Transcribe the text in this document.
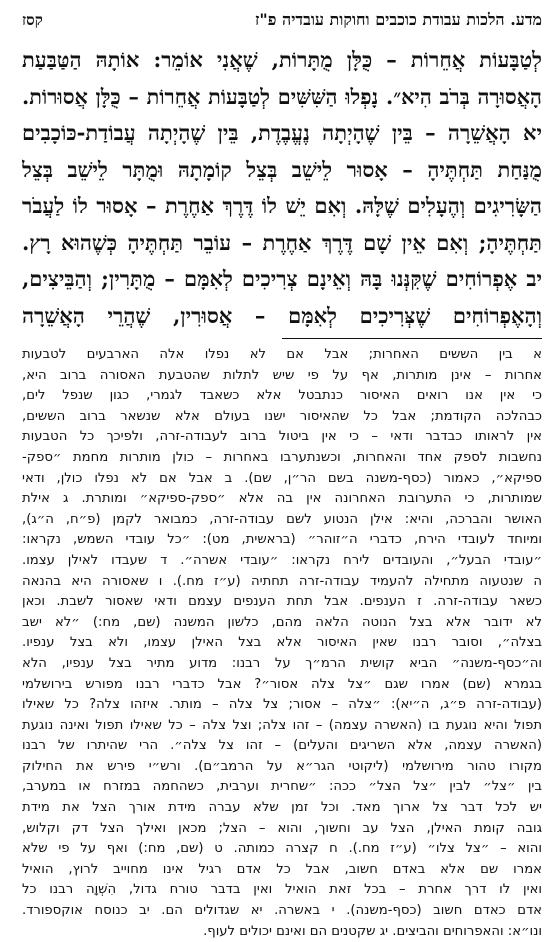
מדע. הלכות עבודת כוכבים וחוקות עובדיה פ"ז
קסז
לְטַבָּעוֹת אֲחֵרוֹת – כֻּלָּן מֻתָּרוֹת, שֶׁאֲנִי אוֹמֵר: אוֹתָהּ הַטַּבַּעַת
הָאֲסוּרָה בְּרֹב הִיא״. נָפְלוּ הַשִּׁשִּׁים לְטַבָּעוֹת אֲחֵרוֹת – כֻּלָּן אֲסוּרוֹת.
יא הָאֲשֵׁרָה – בֵּין שֶׁהָיְתָה נֶעֱבֶדֶת, בֵּין שֶׁהָיְתָה עֲבוֹדַת-כּוֹכָבִים
מֻנַּחַת תַּחְתֶּיהָ – אָסוּר לֵישֵׁב בְּצֵל קוֹמָתָהּ וּמֻתָּר לֵישֵׁב בְּצֵל
הַשָּׂרִיגִים וְהֶעָלִים שֶׁלָּהּ. וְאִם יֵשׁ לוֹ דֶּרֶךְ אַחֶרֶת – אָסוּר לוֹ לַעֲבֹר
תַּחְתֶּיהָ; וְאִם אֵין שָׁם דֶּרֶךְ אַחֶרֶת – עוֹבֵר תַּחְתֶּיהָ כְּשֶׁהוּא רָץ.
יב אֶפְרוֹחִים שֶׁקִּנְּנוּ בָּהּ וְאֵינָם צְרִיכִים לְאִמָּם – מֻתָּרִין; וְהַבֵּיצִים,
וְהָאֶפְרוֹחִים שֶׁצְּרִיכִים לְאִמָּם – אֲסוּרִין, שֶׁהֲרֵי הָאֲשֵׁרָה
א בין הששים האחרות; אבל אם לא נפלו אלה הארבעים לטבעות
אחרות – אינן מותרות, אף על פי שיש לתלות שהטבעת האסורה ברוב היא,
כי אין אנו רואים האיסור כנתבטל אלא כשאבד לגמרי, כגון שנפל לים,
כבהלכה הקודמת; אבל כל שהאיסור ישנו בעולם אלא שנשאר ברוב הששים,
אין לראותו כבדבר ודאי – כי אין ביטול ברוב לעבודה-זרה, ולפיכך כל הטבעות
נחשבות לספק אחד והאחרות, וכשנתערבו באחרות – כולן מותרות מחמת ״ספק-
ספיקא״, כאמור (כסף-משנה בשם הר״ן, שם). ב אבל אם לא נפלו כולן, ודאי
שמותרות, כי התערובת האחרונה אין בה אלא ״ספק-ספיקא״ ומותרת. ג אילת
האושר והברכה, והיא: אילן הנטוע לשם עבודה-זרה, כמבואר לקמן (פ״ח, ה״ג),
ומיוחד לעובדי הירח, כדברי ה״זוהר״ (בראשית, מט): ״כל עובדי השמש, נקראו:
״עובדי הבעל״, והעובדים לירח נקראו: ״עובדי אשרה״. ד שעבדו לאילן עצמו.
ה שנטעוה מתחילה להעמיד עבודה-זרה תחתיה (ע״ז מח.). ו שאסורה היא בהנאה
כשאר עבודה-זרה. ז הענפים. אבל תחת הענפים עצמם ודאי שאסור לשבת. וכאן
לא ידובר אלא בצל הנוטה הלאה מהם, כלשון המשנה (שם, מח:) ״לא ישב
בצלה״, וסובר רבנו שאין האיסור אלא בצל האילן עצמו, ולא בצל ענפיו.
וה״כסף-משנה״ הביא קושית הרמ״ך על רבנו: מדוע מתיר בצל ענפיו, הלא
בגמרא (שם) אמרו שגם ״צל צלה אסור״? אבל כדברי רבנו מפורש בירושלמי
(עבודה-זרה פ״ג, ה״יא): ״צלה – אסור; צל צלה – מותר. איזהו צלה? כל שאילו
תפול והיא נוגעת בו (האשרה עצמה) – זהו צלה; וצל צלה – כל שאילו תפול ואינה נוגעת
(האשרה עצמה, אלא השריגים והעלים) – זהו צל צלה״. הרי שהיתרו של רבנו
מקורו טהור מירושלמי (ליקוטי הגר״א על הרמב״ם). ורש״י פירש את החילוק
בין ״צל״ לבין ״צל הצל״ ככה: ״שחרית וערבית, כשהחמה במזרח או במערב,
יש לכל דבר צל ארוך מאד. וכל זמן שלא עברה מידת אורך הצל את מידת
גובה קומת האילן, הצל עב וחשוך, והוא – הצל; מכאן ואילך הצל דק וקלוש,
והוא – ״צל צלו״ (ע״ז מח.). ח קצרה כמותה. ט (שם, מח:) ואף על פי שלא
אמרו שם אלא באדם חשוב, אבל כל אדם רגיל אינו מחוייב לרוץ, הואיל
ואין לו דרך אחרת – בכל זאת הואיל ואין בדבר טורח גדול, הִשְׁוָה רבנו כל
אדם כאדם חשוב (כסף-משנה). י באשרה. יא שגדולים הם. יב כנוסח אוקספורד.
ונו״א: והאפרוחים והביצים. יג שקטנים הם ואינם יכולים לעוף.
